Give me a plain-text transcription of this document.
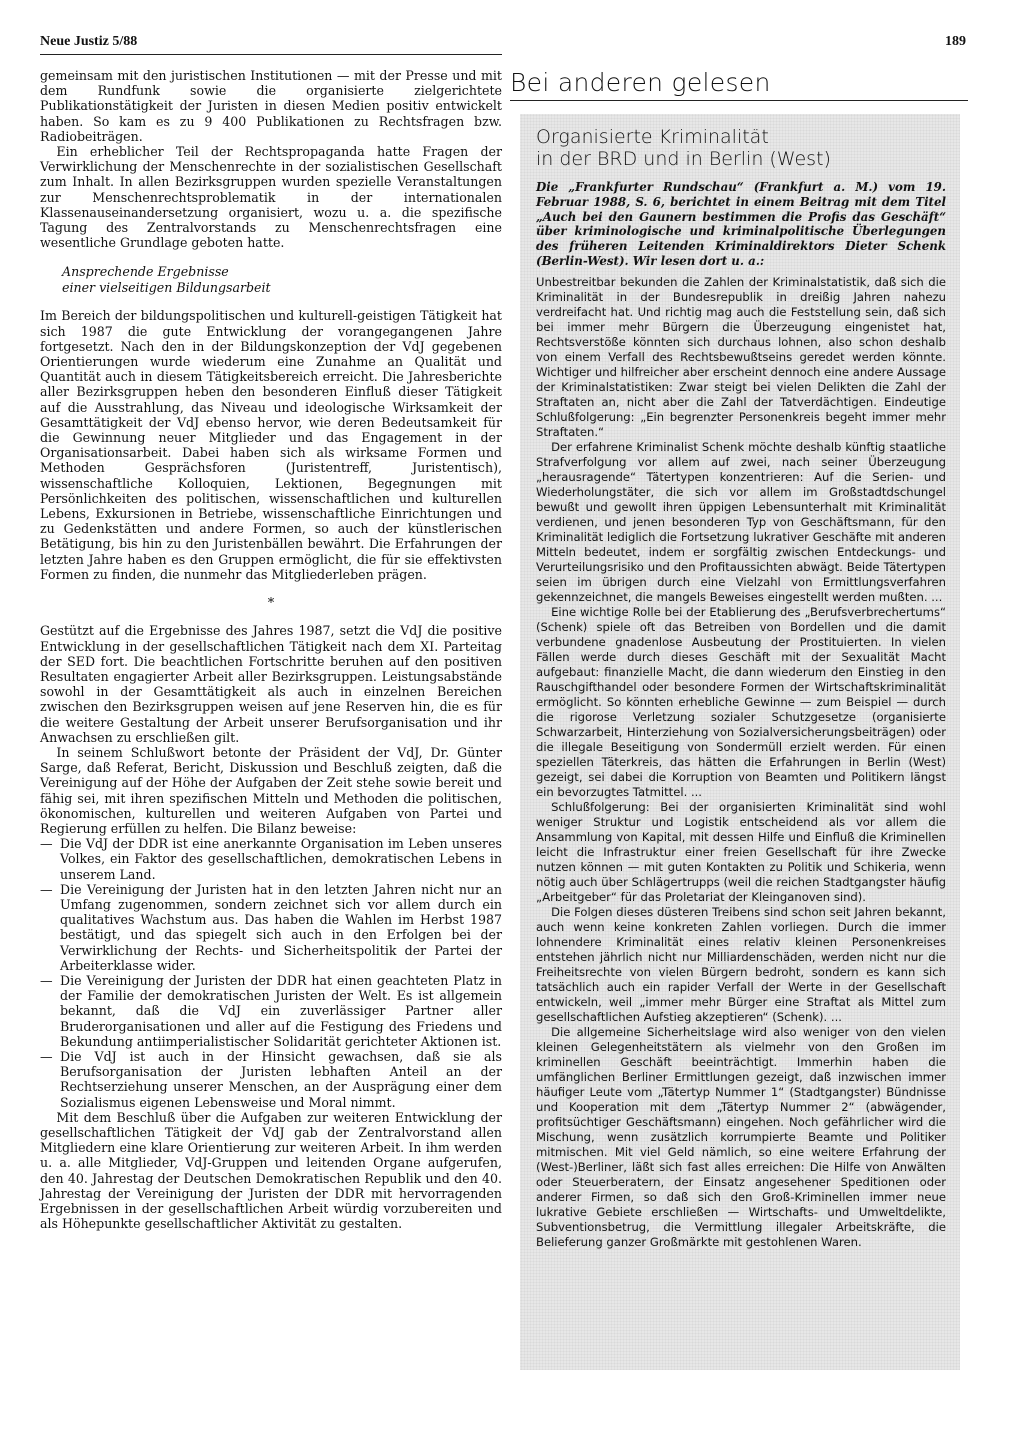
Neue Justiz 5/88	189

gemeinsam mit den juristischen Institutionen — mit der Presse und mit dem Rundfunk sowie die organisierte zielgerichtete Publikationstätigkeit der Juristen in diesen Medien positiv entwickelt haben. So kam es zu 9 400 Publikationen zu Rechtsfragen bzw. Radiobeiträgen.

Ein erheblicher Teil der Rechtspropaganda hatte Fragen der Verwirklichung der Menschenrechte in der sozialistischen Gesellschaft zum Inhalt. In allen Bezirksgruppen wurden spezielle Veranstaltungen zur Menschenrechtsproblematik in der internationalen Klassenauseinandersetzung organisiert, wozu u. a. die spezifische Tagung des Zentralvorstands zu Menschenrechtsfragen eine wesentliche Grundlage geboten hatte.

Ansprechende Ergebnisse
einer vielseitigen Bildungsarbeit

Im Bereich der bildungspolitischen und kulturell-geistigen Tätigkeit hat sich 1987 die gute Entwicklung der vorangegangenen Jahre fortgesetzt. Nach den in der Bildungskonzeption der VdJ gegebenen Orientierungen wurde wiederum eine Zunahme an Qualität und Quantität auch in diesem Tätigkeitsbereich erreicht. Die Jahresberichte aller Bezirksgruppen heben den besonderen Einfluß dieser Tätigkeit auf die Ausstrahlung, das Niveau und ideologische Wirksamkeit der Gesamttätigkeit der VdJ ebenso hervor, wie deren Bedeutsamkeit für die Gewinnung neuer Mitglieder und das Engagement in der Organisationsarbeit. Dabei haben sich als wirksame Formen und Methoden Gesprächsforen (Juristentreff, Juristentisch), wissenschaftliche Kolloquien, Lektionen, Begegnungen mit Persönlichkeiten des politischen, wissenschaftlichen und kulturellen Lebens, Exkursionen in Betriebe, wissenschaftliche Einrichtungen und zu Gedenkstätten und andere Formen, so auch der künstlerischen Betätigung, bis hin zu den Juristenbällen bewährt. Die Erfahrungen der letzten Jahre haben es den Gruppen ermöglicht, die für sie effektivsten Formen zu finden, die nunmehr das Mitgliederleben prägen.

*

Gestützt auf die Ergebnisse des Jahres 1987, setzt die VdJ die positive Entwicklung in der gesellschaftlichen Tätigkeit nach dem XI. Parteitag der SED fort. Die beachtlichen Fortschritte beruhen auf den positiven Resultaten engagierter Arbeit aller Bezirksgruppen. Leistungsabstände sowohl in der Gesamttätigkeit als auch in einzelnen Bereichen zwischen den Bezirksgruppen weisen auf jene Reserven hin, die es für die weitere Gestaltung der Arbeit unserer Berufsorganisation und ihr Anwachsen zu erschließen gilt.

In seinem Schlußwort betonte der Präsident der VdJ, Dr. Günter Sarge, daß Referat, Bericht, Diskussion und Beschluß zeigten, daß die Vereinigung auf der Höhe der Aufgaben der Zeit stehe sowie bereit und fähig sei, mit ihren spezifischen Mitteln und Methoden die politischen, ökonomischen, kulturellen und weiteren Aufgaben von Partei und Regierung erfüllen zu helfen. Die Bilanz beweise:

— Die VdJ der DDR ist eine anerkannte Organisation im Leben unseres Volkes, ein Faktor des gesellschaftlichen, demokratischen Lebens in unserem Land.
— Die Vereinigung der Juristen hat in den letzten Jahren nicht nur an Umfang zugenommen, sondern zeichnet sich vor allem durch ein qualitatives Wachstum aus. Das haben die Wahlen im Herbst 1987 bestätigt, und das spiegelt sich auch in den Erfolgen bei der Verwirklichung der Rechts- und Sicherheitspolitik der Partei der Arbeiterklasse wider.
— Die Vereinigung der Juristen der DDR hat einen geachteten Platz in der Familie der demokratischen Juristen der Welt. Es ist allgemein bekannt, daß die VdJ ein zuverlässiger Partner aller Bruderorganisationen und aller auf die Festigung des Friedens und Bekundung antiimperialistischer Solidarität gerichteter Aktionen ist.
— Die VdJ ist auch in der Hinsicht gewachsen, daß sie als Berufsorganisation der Juristen lebhaften Anteil an der Rechtserziehung unserer Menschen, an der Ausprägung einer dem Sozialismus eigenen Lebensweise und Moral nimmt.

Mit dem Beschluß über die Aufgaben zur weiteren Entwicklung der gesellschaftlichen Tätigkeit der VdJ gab der Zentralvorstand allen Mitgliedern eine klare Orientierung zur weiteren Arbeit. In ihm werden u. a. alle Mitglieder, VdJ-Gruppen und leitenden Organe aufgerufen, den 40. Jahrestag der Deutschen Demokratischen Republik und den 40. Jahrestag der Vereinigung der Juristen der DDR mit hervorragenden Ergebnissen in der gesellschaftlichen Arbeit würdig vorzubereiten und als Höhepunkte gesellschaftlicher Aktivität zu gestalten.

Bei anderen gelesen
Organisierte Kriminalität
in der BRD und in Berlin (West)

Die „Frankfurter Rundschau“ (Frankfurt a. M.) vom 19. Februar 1988, S. 6, berichtet in einem Beitrag mit dem Titel „Auch bei den Gaunern bestimmen die Profis das Geschäft“ über kriminologische und kriminalpolitische Überlegungen des früheren Leitenden Kriminaldirektors Dieter Schenk (Berlin-West). Wir lesen dort u. a.:

Unbestreitbar bekunden die Zahlen der Kriminalstatistik, daß sich die Kriminalität in der Bundesrepublik in dreißig Jahren nahezu verdreifacht hat. Und richtig mag auch die Feststellung sein, daß sich bei immer mehr Bürgern die Überzeugung eingenistet hat, Rechtsverstöße könnten sich durchaus lohnen, also schon deshalb von einem Verfall des Rechtsbewußtseins geredet werden könnte. Wichtiger und hilfreicher aber erscheint dennoch eine andere Aussage der Kriminalstatistiken: Zwar steigt bei vielen Delikten die Zahl der Straftaten an, nicht aber die Zahl der Tatverdächtigen. Eindeutige Schlußfolgerung: „Ein begrenzter Personenkreis begeht immer mehr Straftaten.“

Der erfahrene Kriminalist Schenk möchte deshalb künftig staatliche Strafverfolgung vor allem auf zwei, nach seiner Überzeugung „herausragende“ Tätertypen konzentrieren: Auf die Serien- und Wiederholungstäter, die sich vor allem im Großstadtdschungel bewußt und gewollt ihren üppigen Lebensunterhalt mit Kriminalität verdienen, und jenen besonderen Typ von Geschäftsmann, für den Kriminalität lediglich die Fortsetzung lukrativer Geschäfte mit anderen Mitteln bedeutet, indem er sorgfältig zwischen Entdeckungs- und Verurteilungsrisiko und den Profitaussichten abwägt. Beide Tätertypen seien im übrigen durch eine Vielzahl von Ermittlungsverfahren gekennzeichnet, die mangels Beweises eingestellt werden mußten. ...

Eine wichtige Rolle bei der Etablierung des „Berufsverbrechertums“ (Schenk) spiele oft das Betreiben von Bordellen und die damit verbundene gnadenlose Ausbeutung der Prostituierten. In vielen Fällen werde durch dieses Geschäft mit der Sexualität Macht aufgebaut: finanzielle Macht, die dann wiederum den Einstieg in den Rauschgifthandel oder besondere Formen der Wirtschaftskriminalität ermöglicht. So könnten erhebliche Gewinne — zum Beispiel — durch die rigorose Verletzung sozialer Schutzgesetze (organisierte Schwarzarbeit, Hinterziehung von Sozialversicherungsbeiträgen) oder die illegale Beseitigung von Sondermüll erzielt werden. Für einen speziellen Täterkreis, das hätten die Erfahrungen in Berlin (West) gezeigt, sei dabei die Korruption von Beamten und Politikern längst ein bevorzugtes Tatmittel. ...

Schlußfolgerung: Bei der organisierten Kriminalität sind wohl weniger Struktur und Logistik entscheidend als vor allem die Ansammlung von Kapital, mit dessen Hilfe und Einfluß die Kriminellen leicht die Infrastruktur einer freien Gesellschaft für ihre Zwecke nutzen können — mit guten Kontakten zu Politik und Schikeria, wenn nötig auch über Schlägertrupps (weil die reichen Stadtgangster häufig „Arbeitgeber“ für das Proletariat der Kleinganoven sind).

Die Folgen dieses düsteren Treibens sind schon seit Jahren bekannt, auch wenn keine konkreten Zahlen vorliegen. Durch die immer lohnendere Kriminalität eines relativ kleinen Personenkreises entstehen jährlich nicht nur Milliardenschäden, werden nicht nur die Freiheitsrechte von vielen Bürgern bedroht, sondern es kann sich tatsächlich auch ein rapider Verfall der Werte in der Gesellschaft entwickeln, weil „immer mehr Bürger eine Straftat als Mittel zum gesellschaftlichen Aufstieg akzeptieren“ (Schenk). ...

Die allgemeine Sicherheitslage wird also weniger von den vielen kleinen Gelegenheitstätern als vielmehr von den Großen im kriminellen Geschäft beeinträchtigt. Immerhin haben die umfänglichen Berliner Ermittlungen gezeigt, daß inzwischen immer häufiger Leute vom „Tätertyp Nummer 1“ (Stadtgangster) Bündnisse und Kooperation mit dem „Tätertyp Nummer 2“ (abwägender, profitsüchtiger Geschäftsmann) eingehen. Noch gefährlicher wird die Mischung, wenn zusätzlich korrumpierte Beamte und Politiker mitmischen. Mit viel Geld nämlich, so eine weitere Erfahrung der (West-)Berliner, läßt sich fast alles erreichen: Die Hilfe von Anwälten oder Steuerberatern, der Einsatz angesehener Speditionen oder anderer Firmen, so daß sich den Groß-Kriminellen immer neue lukrative Gebiete erschließen — Wirtschafts- und Umweltdelikte, Subventionsbetrug, die Vermittlung illegaler Arbeitskräfte, die Belieferung ganzer Großmärkte mit gestohlenen Waren.
